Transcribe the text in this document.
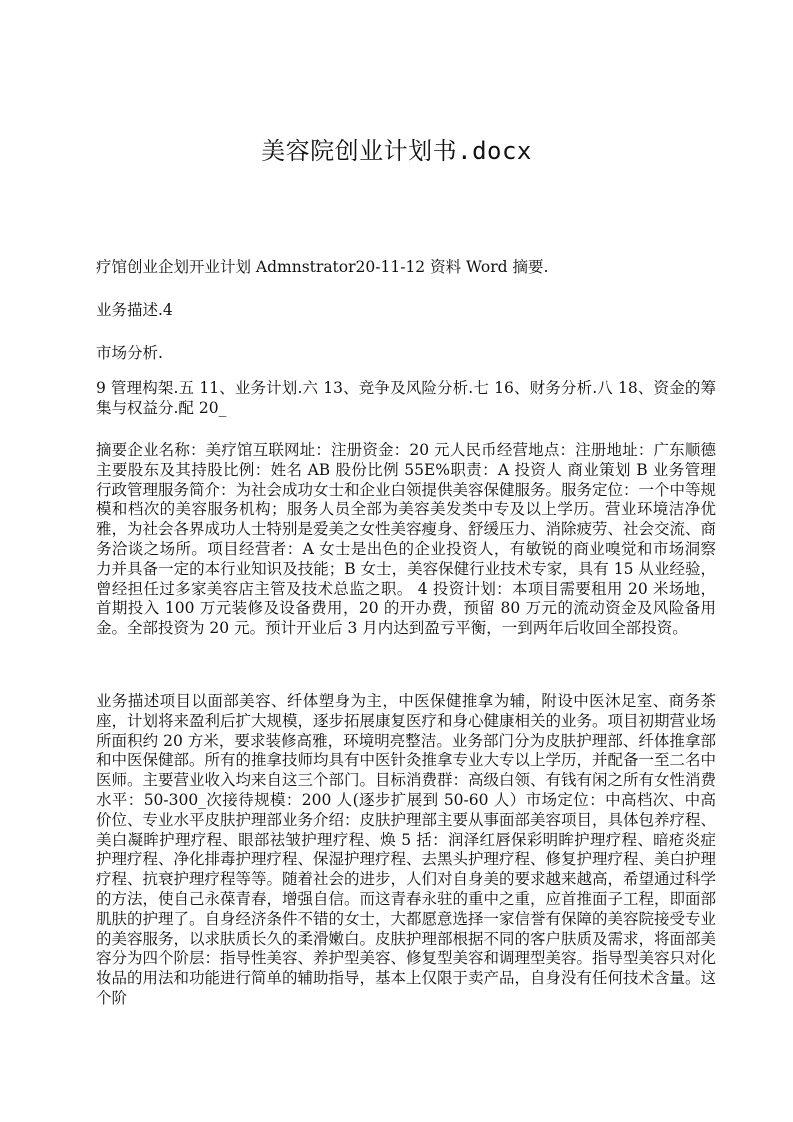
美容院创业计划书.docx

疗馆创业企划开业计划 Admnstrator20-11-12 资料 Word 摘要.

业务描述.4

市场分析.

9 管理构架.五 11、业务计划.六 13、竞争及风险分析.七 16、财务分析.八 18、资金的筹集与权益分.配 20_

摘要企业名称：美疗馆互联网址：注册资金：20 元人民币经营地点：注册地址：广东顺德主要股东及其持股比例：姓名 AB 股份比例 55E%职责：A 投资人 商业策划 B 业务管理 行政管理服务简介：为社会成功女士和企业白领提供美容保健服务。服务定位：一个中等规模和档次的美容服务机构；服务人员全部为美容美发类中专及以上学历。营业环境洁净优雅，为社会各界成功人士特别是爱美之女性美容瘦身、舒缓压力、消除疲劳、社会交流、商务洽谈之场所。项目经营者：A 女士是出色的企业投资人，有敏锐的商业嗅觉和市场洞察力并具备一定的本行业知识及技能；B 女士，美容保健行业技术专家，具有 15 从业经验，曾经担任过多家美容店主管及技术总监之职。 4 投资计划：本项目需要租用 20 米场地，首期投入 100 万元装修及设备费用，20 的开办费，预留 80 万元的流动资金及风险备用金。全部投资为 20 元。预计开业后 3 月内达到盈亏平衡，一到两年后收回全部投资。

业务描述项目以面部美容、纤体塑身为主，中医保健推拿为辅，附设中医沐足室、商务茶座，计划将来盈利后扩大规模，逐步拓展康复医疗和身心健康相关的业务。项目初期营业场所面积约 20 方米，要求装修高雅，环境明亮整洁。业务部门分为皮肤护理部、纤体推拿部和中医保健部。所有的推拿技师均具有中医针灸推拿专业大专以上学历，并配备一至二名中医师。主要营业收入均来自这三个部门。目标消费群：高级白领、有钱有闲之所有女性消费水平：50-300_次接待规模：200 人(逐步扩展到 50-60 人）市场定位：中高档次、中高价位、专业水平皮肤护理部业务介绍：皮肤护理部主要从事面部美容项目，具体包养疗程、美白凝眸护理疗程、眼部祛皱护理疗程、焕 5 括：润泽红唇保彩明眸护理疗程、暗疮炎症护理疗程、净化排毒护理疗程、保湿护理疗程、去黑头护理疗程、修复护理疗程、美白护理疗程、抗衰护理疗程等等。随着社会的进步，人们对自身美的要求越来越高，希望通过科学的方法，使自己永葆青春，增强自信。而这青春永驻的重中之重，应首推面子工程，即面部肌肤的护理了。自身经济条件不错的女士，大都愿意选择一家信誉有保障的美容院接受专业的美容服务，以求肤质长久的柔滑嫩白。皮肤护理部根据不同的客户肤质及需求，将面部美容分为四个阶层：指导性美容、养护型美容、修复型美容和调理型美容。指导型美容只对化妆品的用法和功能进行简单的辅助指导，基本上仅限于卖产品，自身没有任何技术含量。这个阶
